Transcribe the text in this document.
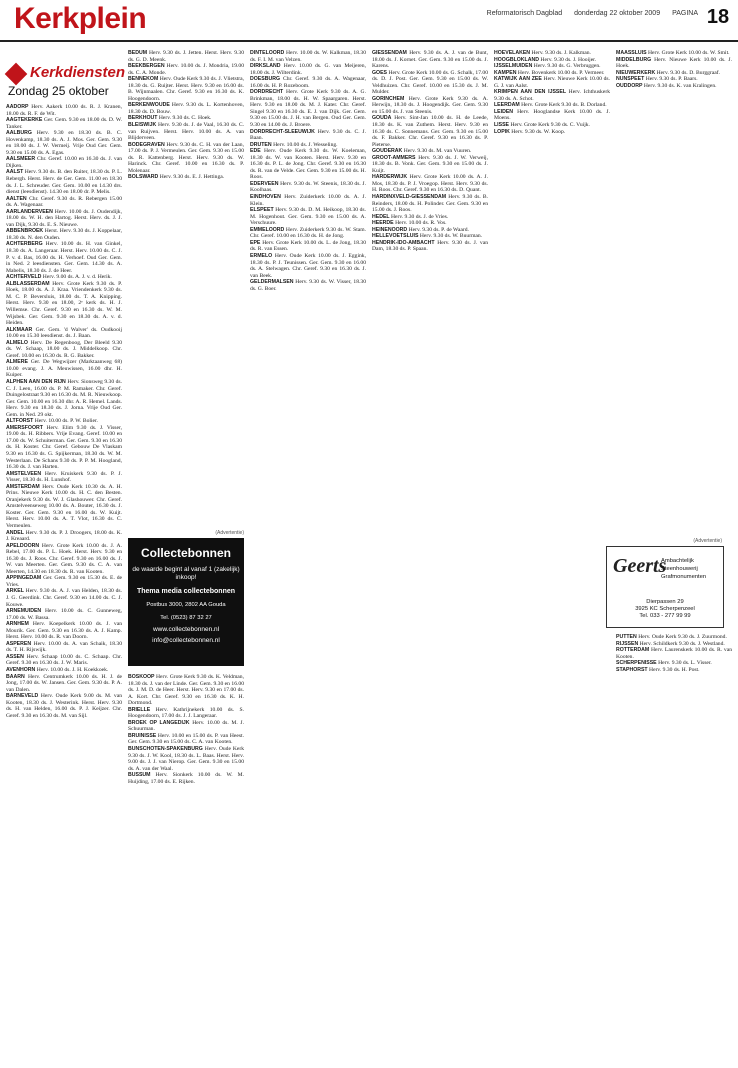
Kerkplein	Reformatorisch Dagblad donderdag 22 oktober 2009 PAGINA 18
Kerkdiensten
Zondag 25 oktober

AADORP Herv. Aakerk 10.00 ds. R. J. Kranen, 18.00 ds. R. F. de Wit.

AAGTEKERKE Ger. Gem. 9.30 en 18.00 ds. D. W. Tanker.

AALBURG Herv. 9.30 en 18.30 ds. B. C. Hovenkamp, 18.30 ds. A. J. Mos. Ger. Gem. 9.30 en 18.00 ds. J. W. Vermeij. Vrije Oud Ger. Gem. 9.30 en 15.00 ds. A. Egas.

AALSMEER Chr. Geref. 10.00 en 16.30 ds. J. van Dijken.

AALST Herv. 9.30 ds. B. den Ruiter, 18.30 ds. P. L. Rebergh. Herst. Herv. de Ger. Gem. 11.00 en 18.30 ds. J. L. Schreuder. Ger. Gem. 10.00 en 14.30 drs. dienst (leesdienst). 14.30 en 18.00 dr. P. Melis.

AALTEN Chr. Geref. 9.30 ds. R. Rebergen 15.00 ds. A. Wagenaar.

AARLANDERVEEN Herv. 10.00 ds. J. Oudendijk, 18.00 ds. W. H. den Hartog. Herst. Herv. ds. J. J. van Dijk, 9.30 ds. E. S. Nieuwe.

ABBENBROEK Herst. Herv. 9.30 ds. J. Koppelaar, 18.30 ds. N. den Ouden.

ACHTERBERG Herv. 10.00 ds. H. van Ginkel, 18.30 ds. A. Langeraar. Herst. Herv. 10.00 ds. C. J. P. v. d. Bas, 16.00 ds. H. Verhoef. Oud Ger. Gem. in Ned. 2 leesdiensten. Ger. Gem. 14.30 ds. A. Mabelis, 18.30 ds. J. de Heer.

ACHTERVELD Herv. 9.00 ds. A. J. v. d. Herik.

ALBLASSERDAM Herv. Grote Kerk 9.30 ds. P. Hoek, 18.00 ds. A. J. Kraa. Vriendenkerk 9.30 ds. M. C. P. Beversluis, 18.00 ds. T. A. Knipping. Herst. Herv. 9.30 en 18.00, 2ᵉ kerk ds. H. J. Willemse. Chr. Geref. 9.30 en 16.30 ds. W. M. Wijsbek. Ger. Gem. 9.30 en 18.30 ds. A. v. d. Heiden.

ALKMAAR Ger. Gem. 'd Walver' ds. Oudkooij 10.00 en 15.30 leesdienst. ds. J. Baan.

ALMELO Herv. De Regenboog, Der Bleeld 9.30 ds. W. Schaap, 18.00 ds. J. Middelkoop. Chr. Geref. 10.00 en 16.30 ds. R. G. Bakker.

ALMERE Ger. De Wegwijzer (Marktaanweg 68) 10.00 evang. J. A. Meuwissen, 16.00 dhr. H. Kuiper.

ALPHEN AAN DEN RIJN Herv. Sionsweg 9.30 ds. C. J. Leen, 16.00 ds. P. M. Ramaker. Chr. Geref. Duingelostraat 9.30 en 16.30 ds. M. R. Nieuwkoop. Ger. Gem. 10.00 en 16.30 dhr. A. R. Hemel. Lands. Herv. 9.30 en 18.30 ds. J. Jorna. Vrije Oud Ger. Gem. in Ned. 29 okt.

ALTFORST Herv. 10.00 ds. P. W. Bolier.

AMERSFOORT Herv. Elim 9.30 ds. J. Visser, 19.00 ds. H. Ribbers. Vrije Evang. Geref. 10.00 en 17.00 ds. W. Schuiterman. Ger. Gem. 9.30 en 16.30 ds. H. Koster. Chr. Geref. Gebouw De Vlaskam 9.30 en 16.30 ds. G. Spijkerman, 18.30 ds. W. M. Westerlaan. De Schans 9.30 ds. P. P. M. Hoogland, 16.30 ds. J. van Harten.

AMSTELVEEN Herv. Kruiskerk 9.30 ds. P. J. Visser, 18.30 ds. H. Lunshof.

AMSTERDAM Herv. Oude Kerk 10.30 ds. A. H. Prins. Nieuwe Kerk 10.00 ds. H. C. den Besten. Oranjekerk 9.30 ds. W. J. Glashouwer. Chr. Geref. Amstelveenseweg 10.00 ds. A. Bouter, 16.30 ds. J. Koster. Ger. Gem. 9.30 en 16.00 ds. W. Kuijt. Herst. Herv. 10.00 ds. A. T. Vlot, 16.30 ds. C. Vermeulen.

ANDEL Herv. 9.30 ds. P. J. Droogers, 18.00 ds. K. J. Kreaard.

APELDOORN Herv. Grote Kerk 10.00 ds. J. A. Rebel, 17.00 ds. P. L. Hoek. Herst. Herv. 9.30 en 16.30 ds. J. Roos. Chr. Geref. 9.30 en 16.00 ds. J. W. van Meerten. Ger. Gem. 9.30 ds. C. A. van Meerten, 14.30 en 18.30 ds. R. van Kooten.

APPINGEDAM Ger. Gem. 9.30 en 15.30 ds. E. de Vries.

ARKEL Herv. 9.30 ds. A. J. van Helden, 18.30 ds. J. G. Geerdink. Chr. Geref. 9.30 en 14.00 ds. C. J. Kouwe.

ARNEMUIDEN Herv. 10.00 ds. C. Gunneweg, 17.00 ds. W. Bassa.

ARNHEM Herv. Koepelkerk 10.00 ds. J. van Mourik. Ger. Gem. 9.30 en 16.30 ds. A. J. Kamp. Herst. Herv. 10.00 ds. R. van Doorn.

ASPEREN Herv. 10.00 ds. A. van Schaik, 18.30 ds. T. H. Rijswijk.

ASSEN Herv. Schaap 10.00 ds. C. Schaap. Chr. Geref. 9.30 en 16.30 ds. J. W. Maris.

AVENHORN Herv. 10.00 ds. J. H. Koekkoek.

BAARN Herv. Centrumkerk 10.00 ds. H. J. de Jong, 17.00 ds. W. Jansen. Ger. Gem. 9.30 ds. P. A. van Dalen.

BARNEVELD Herv. Oude Kerk 9.00 ds. M. van Kooten, 18.30 ds. J. Westerink. Herst. Herv. 9.30 ds. H. van Helden, 16.00 ds. P. J. Keijzer. Chr. Geref. 9.30 en 16.30 ds. M. van Sijl.

BEDUM Herv. 9.30 ds. J. Jetten. Herst. Herv. 9.30 ds. G. D. Meenk.

BEEKBERGEN Herv. 10.00 ds. J. Mondria, 19.00 ds. C. A. Monde.

BENNEKOM Herv. Oude Kerk 9.30 ds. J. Vlietstra, 18.30 ds. G. Ruijter. Herst. Herv. 9.30 en 16.00 ds. B. Wijnmaalen. Chr. Geref. 9.30 en 16.30 ds. K. Hoogendoorn.

BERKENWOUDE Herv. 9.30 ds. L. Kortenhoven, 18.30 ds. D. Bouw.

BERKHOUT Herv. 9.30 ds. C. Hoek.

BLEISWIJK Herv. 9.30 ds. J. de Vaal, 16.30 ds. C. van Ruijven. Herst. Herv. 10.00 ds. A. van Blijderveen.

BODEGRAVEN Herv. 9.30 ds. C. H. van der Laan, 17.00 ds. P. J. Vermeulen. Ger. Gem. 9.30 en 15.00 ds. R. Kattenberg. Herst. Herv. 9.30 ds. W. Harinck. Chr. Geref. 10.00 en 16.30 ds. P. Molenaar.

BOLSWARD Herv. 9.30 ds. E. J. Hettinga.

DINTELOORD Herv. 10.00 ds. W. Kalkman, 18.30 ds. F. I. M. van Velzen.

DIRKSLAND Herv. 10.00 ds. G. van Meijeren, 18.00 ds. J. Wilterdink.

DOESBURG Chr. Geref. 9.30 ds. A. Wagenaar, 16.00 ds. H. P. Rozeboom.

DORDRECHT Herv. Grote Kerk 9.30 ds. A. G. Brinkman, 18.00 ds. H. W. Spaargaren. Herst. Herv. 9.30 en 18.00 ds. M. J. Kater. Chr. Geref. Singel 9.30 en 16.30 ds. E. J. van Dijk. Ger. Gem. 9.30 en 15.00 ds. J. H. van Bergen. Oud Ger. Gem. 9.30 en 14.00 ds. J. Broere.

DORDRECHT-SLEEUWIJK Herv. 9.30 ds. C. J. Baan.

DRUTEN Herv. 10.00 ds. J. Wesseling.

EDE Herv. Oude Kerk 9.30 ds. W. Koeleman, 18.30 ds. W. van Kooten. Herst. Herv. 9.30 en 16.30 ds. P. L. de Jong. Chr. Geref. 9.30 en 16.30 ds. R. van de Velde. Ger. Gem. 9.30 en 15.00 ds. H. Roos.

EDERVEEN Herv. 9.30 ds. W. Steenis, 18.30 ds. J. Koolhaas.

EINDHOVEN Herv. Zuiderkerk 10.00 ds. A. J. Klein.

ELSPEET Herv. 9.30 ds. D. M. Heikoop, 18.30 ds. M. Hogenhout. Ger. Gem. 9.30 en 15.00 ds. A. Verschuure.

EMMELOORD Herv. Zuiderkerk 9.30 ds. W. Stam. Chr. Geref. 10.00 en 16.30 ds. H. de Jong.

EPE Herv. Grote Kerk 10.00 ds. L. de Jong, 18.30 ds. R. van Essen.

ERMELO Herv. Oude Kerk 10.00 ds. J. Eggink, 18.30 ds. P. J. Teunissen. Ger. Gem. 9.30 en 16.00 ds. A. Stelwagen. Chr. Geref. 9.30 en 16.30 ds. J. van Beek.

GELDERMALSEN Herv. 9.30 ds. W. Visser, 18.30 ds. G. Boer.

GIESSENDAM Herv. 9.30 ds. A. J. van de Bunt, 18.00 ds. J. Kornet. Ger. Gem. 9.30 en 15.00 ds. J. Karens.

GOES Herv. Grote Kerk 10.00 ds. G. Schalk, 17.00 ds. D. J. Post. Ger. Gem. 9.30 en 15.00 ds. W. Veldhuizen. Chr. Geref. 10.00 en 15.30 ds. J. M. Mulder.

GORINCHEM Herv. Grote Kerk 9.30 ds. A. Herwijn, 18.30 ds. J. Hoogendijk. Ger. Gem. 9.30 en 15.00 ds. J. van Steenis.

GOUDA Herv. Sint-Jan 10.00 ds. H. de Leede, 18.30 ds. K. van Zuthem. Herst. Herv. 9.30 en 16.30 ds. C. Sonnemans. Ger. Gem. 9.30 en 15.00 ds. F. Bakker. Chr. Geref. 9.30 en 16.30 ds. P. Pieterse.

GOUDERAK Herv. 9.30 ds. M. van Vuuren.

GROOT-AMMERS Herv. 9.30 ds. J. W. Verweij, 18.30 ds. B. Vonk. Ger. Gem. 9.30 en 15.00 ds. J. Kuijt.

HARDERWIJK Herv. Grote Kerk 10.00 ds. A. J. Mos, 18.30 ds. P. J. Vroegop. Herst. Herv. 9.30 ds. H. Roos. Chr. Geref. 9.30 en 16.30 ds. D. Quant.

HARDINXVELD-GIESSENDAM Herv. 9.30 ds. B. Reinders, 18.00 ds. H. Polinder. Ger. Gem. 9.30 en 15.00 ds. J. Roos.

HEDEL Herv. 9.30 ds. J. de Vries.

HEERDE Herv. 10.00 ds. R. Vos.

HEINENOORD Herv. 9.30 ds. P. de Waard.

HELLEVOETSLUIS Herv. 9.30 ds. W. Buurman.

HENDRIK-IDO-AMBACHT Herv. 9.30 ds. J. van Dam, 18.30 ds. P. Spaan.

HOEVELAKEN Herv. 9.30 ds. J. Kalkman.

HOOGBLOKLAND Herv. 9.30 ds. J. Hooijer.

IJSSELMUIDEN Herv. 9.30 ds. G. Verbruggen.

KAMPEN Herv. Bovenkerk 10.00 ds. P. Vermeer.

KATWIJK AAN ZEE Herv. Nieuwe Kerk 10.00 ds. G. J. van Aalst.

KRIMPEN AAN DEN IJSSEL Herv. Ichthuskerk 9.30 ds. A. Schot.

LEERDAM Herv. Grote Kerk 9.30 ds. B. Dorland.

LEIDEN Herv. Hooglandse Kerk 10.00 ds. J. Moens.

LISSE Herv. Grote Kerk 9.30 ds. C. Vuijk.

LOPIK Herv. 9.30 ds. W. Koop.

MAASSLUIS Herv. Grote Kerk 10.00 ds. W. Smit.

MIDDELBURG Herv. Nieuwe Kerk 10.00 ds. J. Hoek.

NIEUWERKERK Herv. 9.30 ds. D. Burggraaf.

NUNSPEET Herv. 9.30 ds. P. Baars.

OUDDORP Herv. 9.30 ds. K. van Kralingen.

(Advertentie)
Collectebonnen
de waarde begint al vanaf 1 (zakelijk) inkoop!
Thema media collectebonnen
Postbus 3000, 2802 AA Gouda
Tel. (0523) 87 32 27
www.collectebonnen.nl
info@collectebonnen.nl
(Advertentie)
Geerts
Ambachtelijk
Steenhouwerij
Grafmonumenten
Dierpassen 29
3925 KC Scherpenzeel
Tel. 033 - 277 99 99

BOSKOOP Herv. Grote Kerk 9.30 ds. K. Veldman, 18.30 ds. J. van der Linde. Ger. Gem. 9.30 en 16.00 ds. J. M. D. de Heer. Herst. Herv. 9.30 en 17.00 ds. A. Kort. Chr. Geref. 9.30 en 16.30 ds. K. H. Dortmond.

BRIELLE Herv. Kathrijnekerk 10.00 ds. S. Hoogendoorn, 17.00 ds. J. J. Langeraar.

BROEK OP LANGEDIJK Herv. 10.00 ds. M. J. Schuurman.

BRUINISSE Herv. 10.00 en 15.00 ds. P. van Heest. Ger. Gem. 9.30 en 15.00 ds. C. A. van Kooten.

BUNSCHOTEN-SPAKENBURG Herv. Oude Kerk 9.30 ds. J. W. Kool, 18.30 ds. L. Baas. Herst. Herv. 9.00 ds. J. J. van Nierop. Ger. Gem. 9.30 en 15.00 ds. A. van der Waal.

BUSSUM Herv. Sionkerk 10.00 ds. W. M. Huijding, 17.00 ds. E. Rijken.

PUTTEN Herv. Oude Kerk 9.30 ds. J. Zuurmond.

RIJSSEN Herv. Schildkerk 9.30 ds. J. Westland.

ROTTERDAM Herv. Laurenskerk 10.00 ds. R. van Kooten.

SCHERPENISSE Herv. 9.30 ds. L. Visser.

STAPHORST Herv. 9.30 ds. H. Post.
